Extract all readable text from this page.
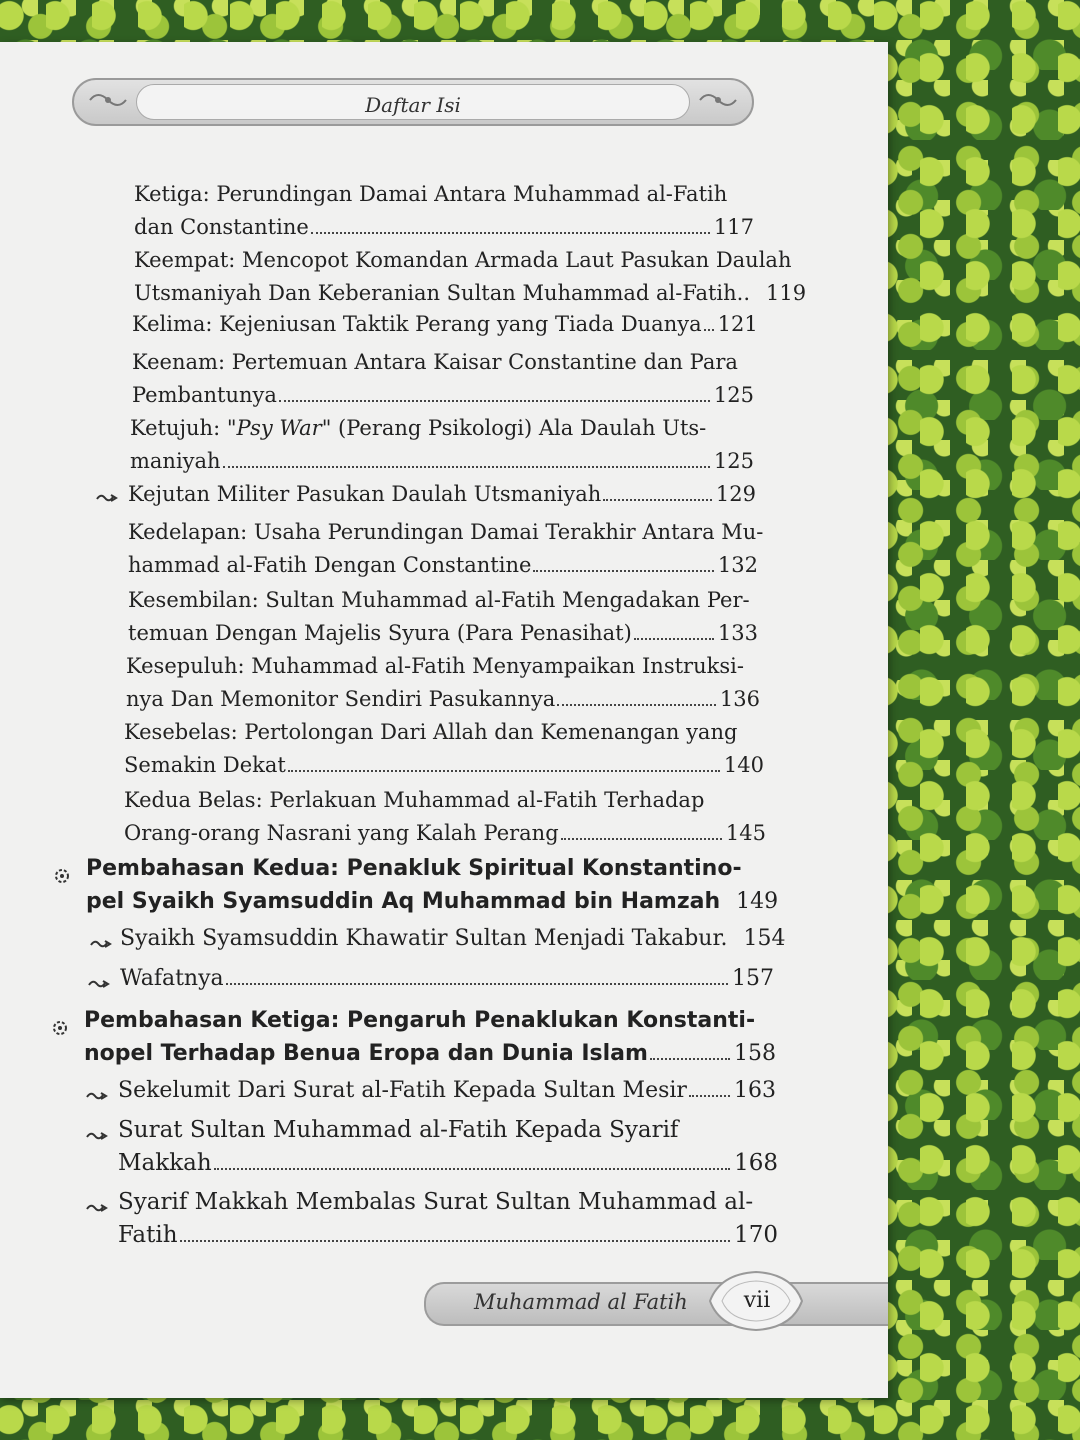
Daftar Isi
Ketiga: Perundingan Damai Antara Muhammad al-Fatih
dan Constantine	117
Keempat: Mencopot Komandan Armada Laut Pasukan Daulah
Utsmaniyah Dan Keberanian Sultan Muhammad al-Fatih.. 119
Kelima: Kejeniusan Taktik Perang yang Tiada Duanya 121
Keenam: Pertemuan Antara Kaisar Constantine dan Para
Pembantunya	125
Ketujuh: " Psy War " (Perang Psikologi) Ala Daulah Uts-
maniyah	125
Kejutan Militer Pasukan Daulah Utsmaniyah	129
Kedelapan: Usaha Perundingan Damai Terakhir Antara Mu-
hammad al-Fatih Dengan Constantine	132
Kesembilan: Sultan Muhammad al-Fatih Mengadakan Per-
temuan Dengan Majelis Syura (Para Penasihat)	133
Kesepuluh: Muhammad al-Fatih Menyampaikan Instruksi-
nya Dan Memonitor Sendiri Pasukannya	136
Kesebelas: Pertolongan Dari Allah dan Kemenangan yang
Semakin Dekat	140
Kedua Belas: Perlakuan Muhammad al-Fatih Terhadap
Orang-orang Nasrani yang Kalah Perang	145
Pembahasan Kedua: Penakluk Spiritual Konstantino-
pel Syaikh Syamsuddin Aq Muhammad bin Hamzah 149
Syaikh Syamsuddin Khawatir Sultan Menjadi Takabur. 154
Wafatnya	157
Pembahasan Ketiga: Pengaruh Penaklukan Konstanti-
nopel Terhadap Benua Eropa dan Dunia Islam	158
Sekelumit Dari Surat al-Fatih Kepada Sultan Mesir 163
Surat Sultan Muhammad al-Fatih Kepada Syarif
Makkah	168
Syarif Makkah Membalas Surat Sultan Muhammad al-
Fatih	170
Muhammad al Fatih	vii
